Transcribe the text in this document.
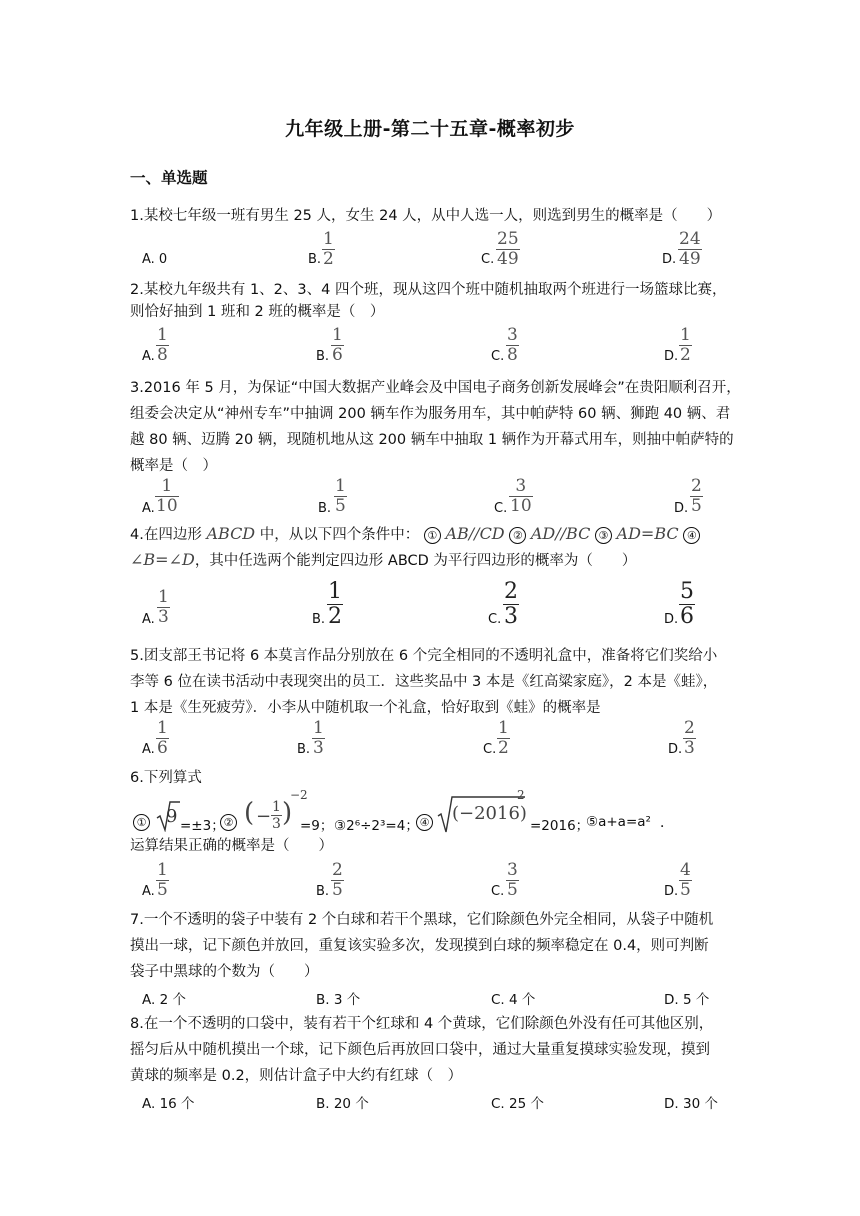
九年级上册-第二十五章-概率初步
一、单选题
1.某校七年级一班有男生 25 人，女生 24 人，从中人选一人，则选到男生的概率是（　　）
A. 0	B.
1
2	C.
25
49	D.
24
49
2.某校九年级共有 1、2、3、4 四个班，现从这四个班中随机抽取两个班进行一场篮球比赛，
则恰好抽到 1 班和 2 班的概率是（　）
A.
1
8	B.
1
6	C.
3
8	D.
1
2
3.2016 年 5 月，为保证“中国大数据产业峰会及中国电子商务创新发展峰会”在贵阳顺利召开，
组委会决定从“神州专车”中抽调 200 辆车作为服务用车，其中帕萨特 60 辆、狮跑 40 辆、君
越 80 辆、迈腾 20 辆，现随机地从这 200 辆车中抽取 1 辆作为开幕式用车，则抽中帕萨特的
概率是（　）
A.
1
10	B.
1
5	C.
3
10	D.
2
5
4.在四边形 ABCD 中，从以下四个条件中： ① AB//CD ② AD//BC ③ AD=BC ④
∠B=∠D，其中任选两个能判定四边形 ABCD 为平行四边形的概率为（　　）
A.
1
3	B.
1
2	C.
2
3	D.
5
6
5.团支部王书记将 6 本莫言作品分别放在 6 个完全相同的不透明礼盒中，准备将它们奖给小
李等 6 位在读书活动中表现突出的员工．这些奖品中 3 本是《红高粱家庭》，2 本是《蛙》，
1 本是《生死疲劳》．小李从中随机取一个礼盒，恰好取到《蛙》的概率是
A.
1
6	B.
1
3	C.
1
2	D.
2
3
6.下列算式
① 9 =±3；
② ( − 1
3 )
−2
=9； ③2⁶÷2³=4； ④ (−2016)
2
=2016；
⑤a+a=a² ．
运算结果正确的概率是（　　）
A.
1
5	B.
2
5	C.
3
5	D.
4
5
7.一个不透明的袋子中装有 2 个白球和若干个黑球，它们除颜色外完全相同，从袋子中随机
摸出一球，记下颜色并放回，重复该实验多次，发现摸到白球的频率稳定在 0.4，则可判断
袋子中黑球的个数为（　　）
A. 2 个	B. 3 个	C. 4 个	D. 5 个
8.在一个不透明的口袋中，装有若干个红球和 4 个黄球，它们除颜色外没有任可其他区别，
摇匀后从中随机摸出一个球，记下颜色后再放回口袋中，通过大量重复摸球实验发现，摸到
黄球的频率是 0.2，则估计盒子中大约有红球（　）
A. 16 个	B. 20 个	C. 25 个	D. 30 个
